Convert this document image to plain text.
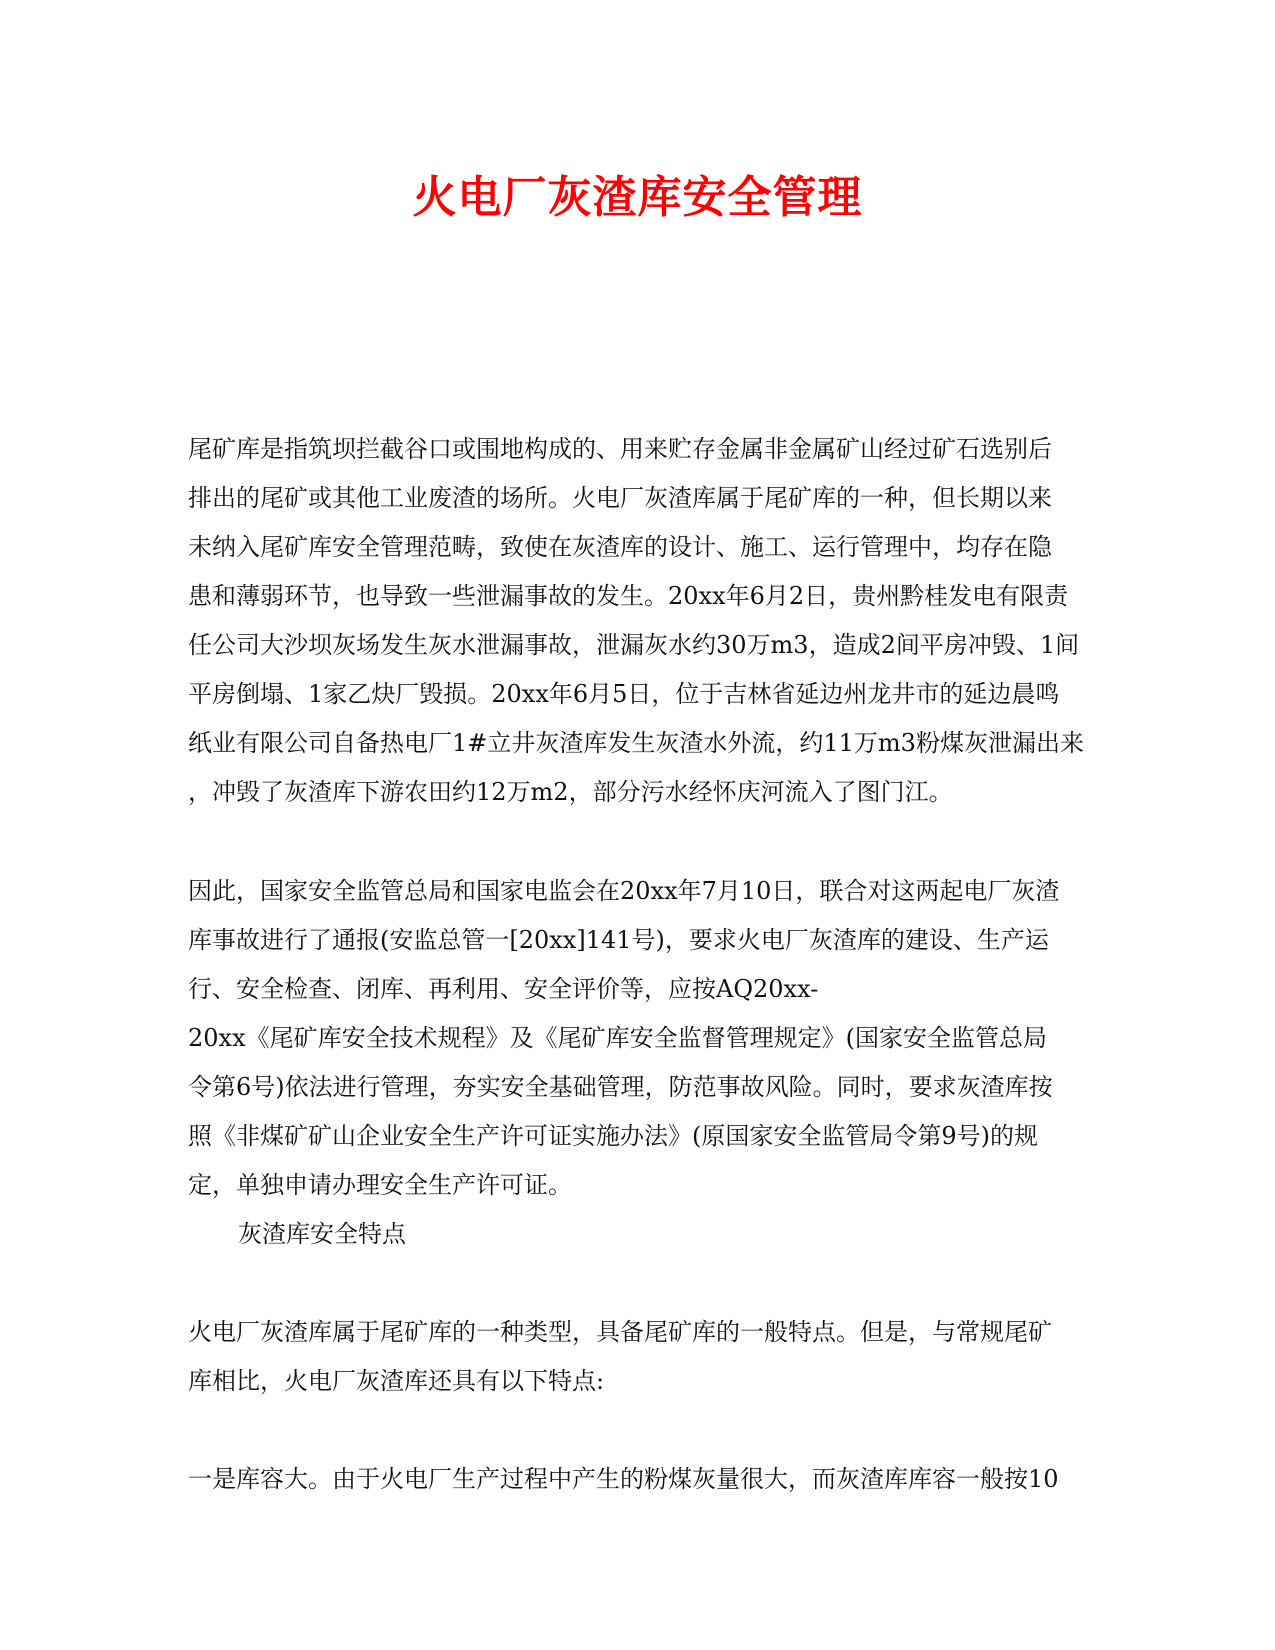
火电厂灰渣库安全管理
尾矿库是指筑坝拦截谷口或围地构成的、用来贮存金属非金属矿山经过矿石选别后
排出的尾矿或其他工业废渣的场所。火电厂灰渣库属于尾矿库的一种，但长期以来
未纳入尾矿库安全管理范畴，致使在灰渣库的设计、施工、运行管理中，均存在隐
患和薄弱环节，也导致一些泄漏事故的发生。20xx年6月2日，贵州黔桂发电有限责
任公司大沙坝灰场发生灰水泄漏事故，泄漏灰水约30万m3，造成2间平房冲毁、1间
平房倒塌、1家乙炔厂毁损。20xx年6月5日，位于吉林省延边州龙井市的延边晨鸣
纸业有限公司自备热电厂1#立井灰渣库发生灰渣水外流，约11万m3粉煤灰泄漏出来
，冲毁了灰渣库下游农田约12万m2，部分污水经怀庆河流入了图门江。
因此，国家安全监管总局和国家电监会在20xx年7月10日，联合对这两起电厂灰渣
库事故进行了通报(安监总管一[20xx]141号)，要求火电厂灰渣库的建设、生产运
行、安全检查、闭库、再利用、安全评价等，应按AQ20xx-
20xx《尾矿库安全技术规程》及《尾矿库安全监督管理规定》(国家安全监管总局
令第6号)依法进行管理，夯实安全基础管理，防范事故风险。同时，要求灰渣库按
照《非煤矿矿山企业安全生产许可证实施办法》(原国家安全监管局令第9号)的规
定，单独申请办理安全生产许可证。
灰渣库安全特点
火电厂灰渣库属于尾矿库的一种类型，具备尾矿库的一般特点。但是，与常规尾矿
库相比，火电厂灰渣库还具有以下特点:
一是库容大。由于火电厂生产过程中产生的粉煤灰量很大，而灰渣库库容一般按10
